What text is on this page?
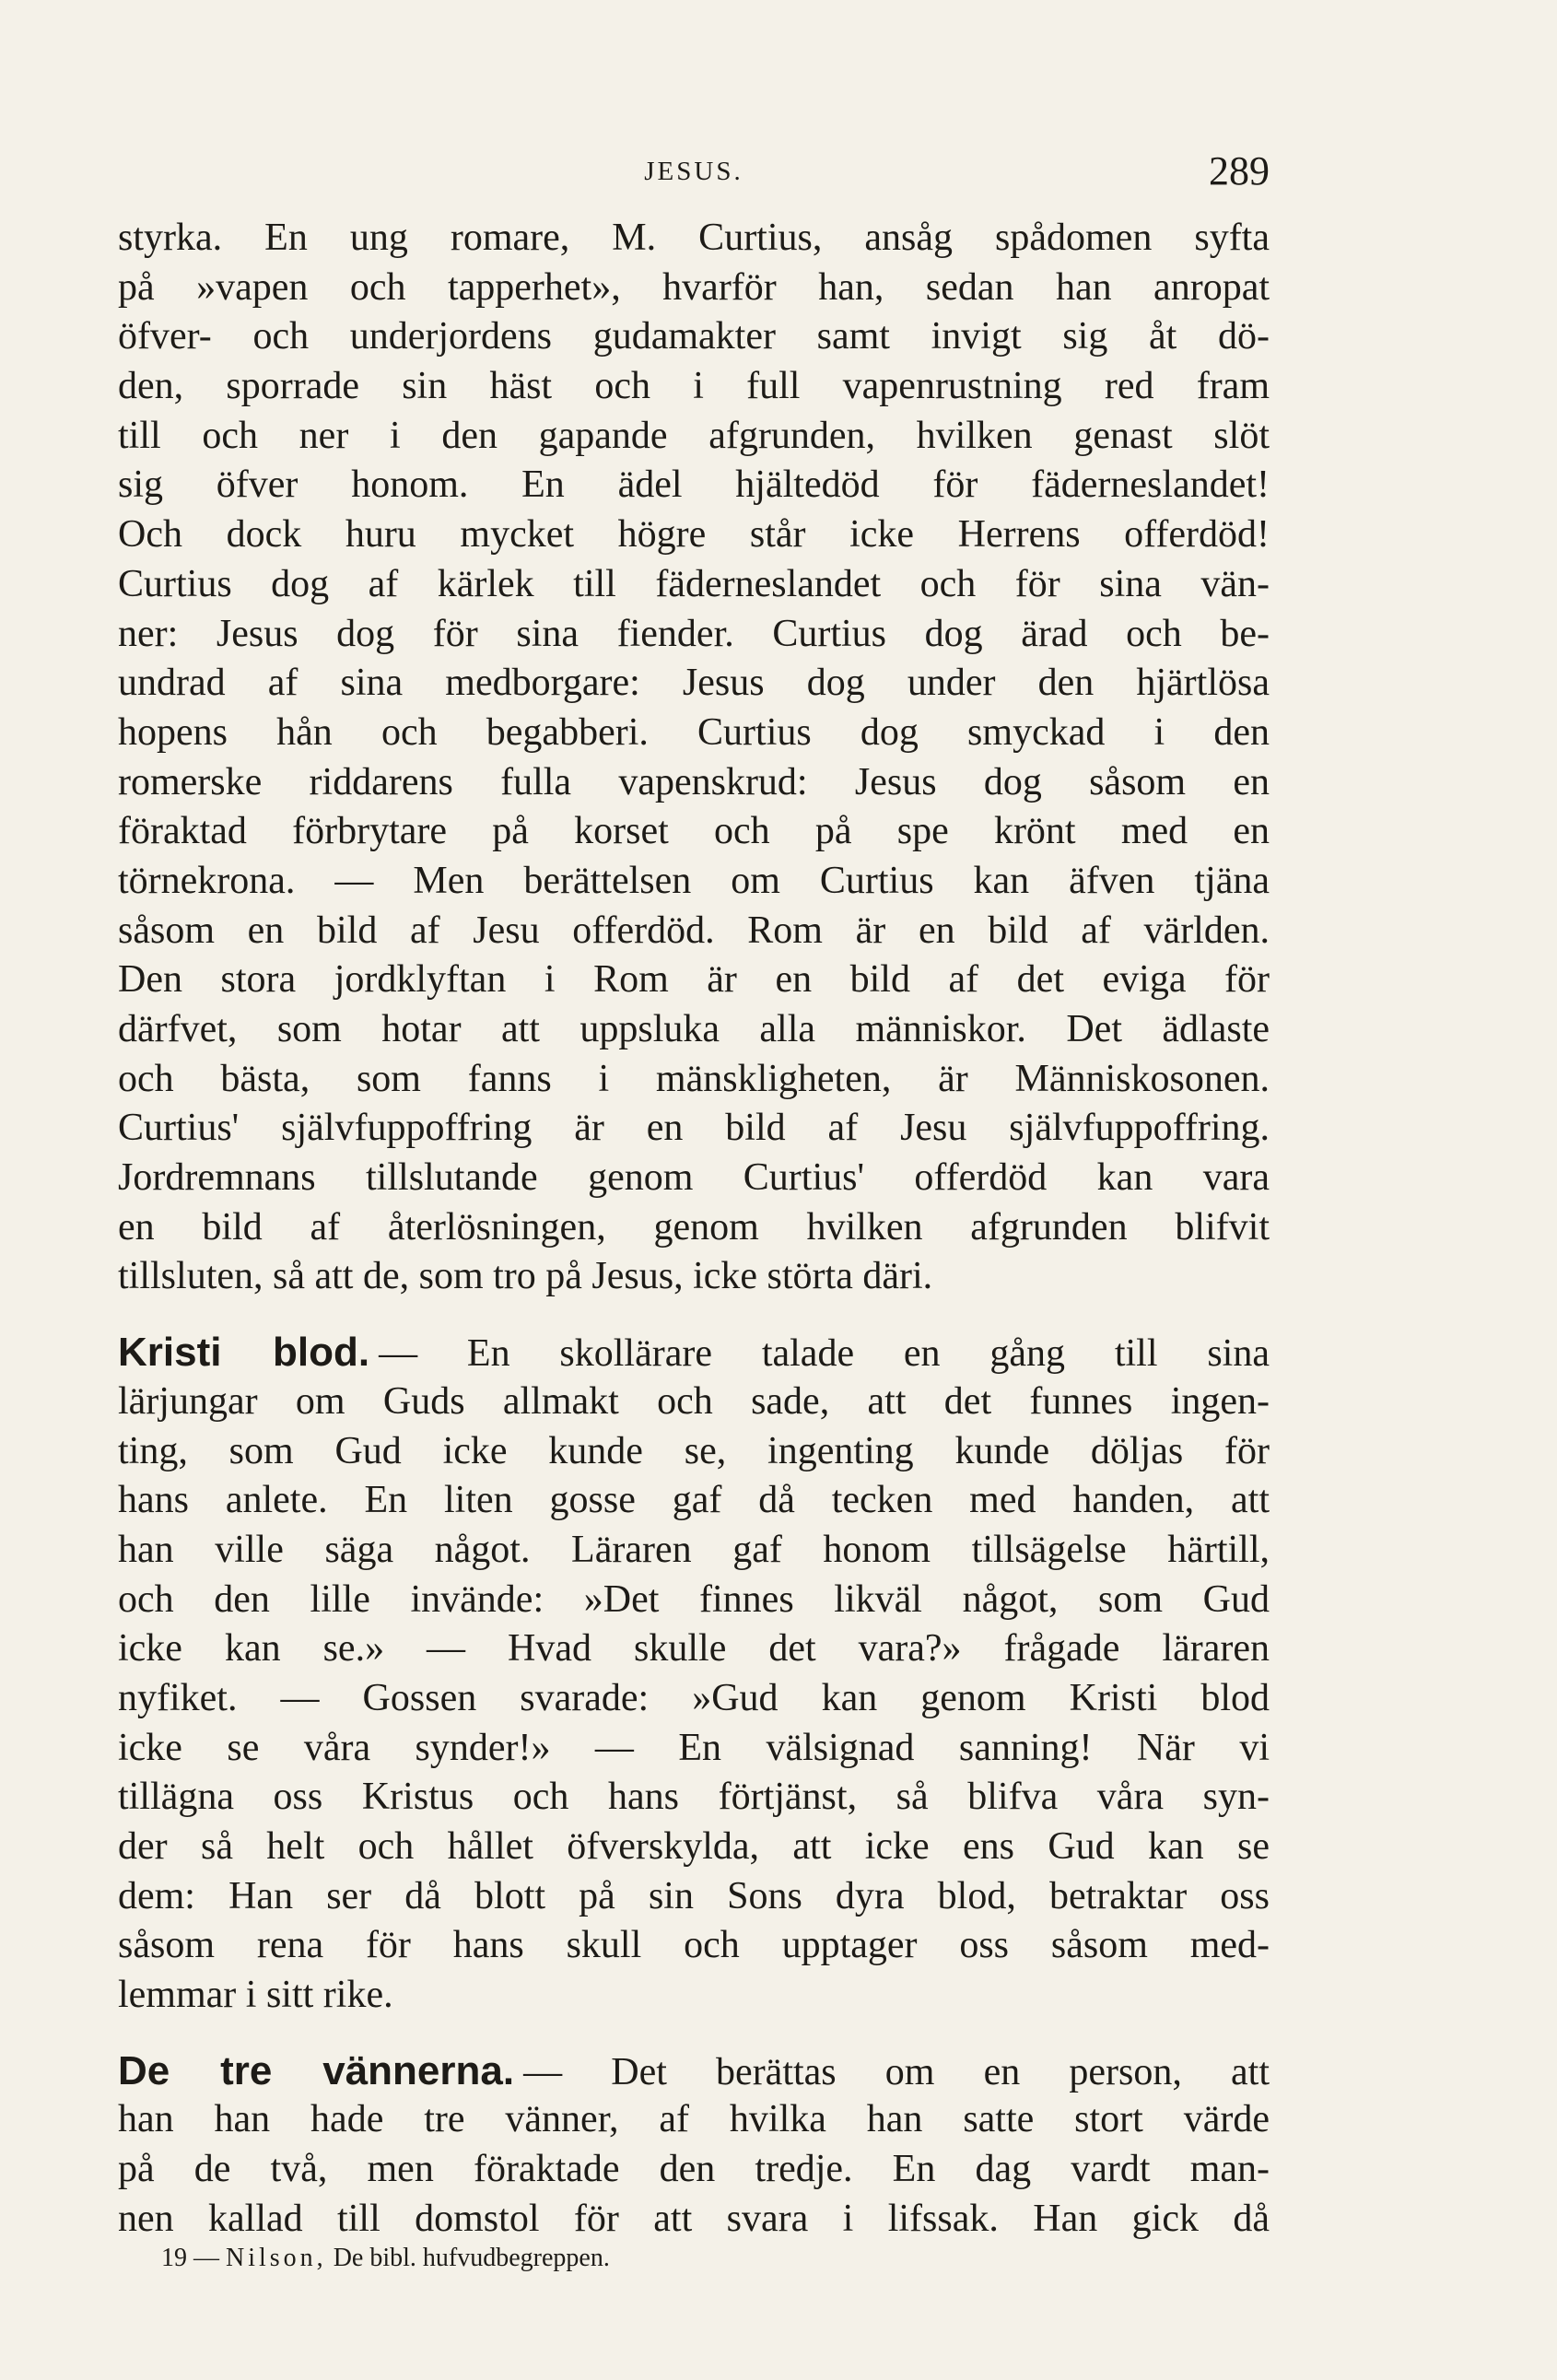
JESUS.	289
styrka. En ung romare, M. Curtius, ansåg spådomen syfta
på »vapen och tapperhet», hvarför han, sedan han anropat
öfver- och underjordens gudamakter samt invigt sig åt dö-
den, sporrade sin häst och i full vapenrustning red fram
till och ner i den gapande afgrunden, hvilken genast slöt
sig öfver honom. En ädel hjältedöd för fäderneslandet!
Och dock huru mycket högre står icke Herrens offerdöd!
Curtius dog af kärlek till fäderneslandet och för sina vän-
ner: Jesus dog för sina fiender. Curtius dog ärad och be-
undrad af sina medborgare: Jesus dog under den hjärtlösa
hopens hån och begabberi. Curtius dog smyckad i den
romerske riddarens fulla vapenskrud: Jesus dog såsom en
föraktad förbrytare på korset och på spe krönt med en
törnekrona. — Men berättelsen om Curtius kan äfven tjäna
såsom en bild af Jesu offerdöd. Rom är en bild af världen.
Den stora jordklyftan i Rom är en bild af det eviga för
därfvet, som hotar att uppsluka alla människor. Det ädlaste
och bästa, som fanns i mänskligheten, är Människosonen.
Curtius' självfuppoffring är en bild af Jesu självfuppoffring.
Jordremnans tillslutande genom Curtius' offerdöd kan vara
en bild af återlösningen, genom hvilken afgrunden blifvit
tillsluten, så att de, som tro på Jesus, icke störta däri.
Kristi blod. — En skollärare talade en gång till sina
lärjungar om Guds allmakt och sade, att det funnes ingen-
ting, som Gud icke kunde se, ingenting kunde döljas för
hans anlete. En liten gosse gaf då tecken med handen, att
han ville säga något. Läraren gaf honom tillsägelse härtill,
och den lille invände: »Det finnes likväl något, som Gud
icke kan se.» — Hvad skulle det vara?» frågade läraren
nyfiket. — Gossen svarade: »Gud kan genom Kristi blod
icke se våra synder!» — En välsignad sanning! När vi
tillägna oss Kristus och hans förtjänst, så blifva våra syn-
der så helt och hållet öfverskylda, att icke ens Gud kan se
dem: Han ser då blott på sin Sons dyra blod, betraktar oss
såsom rena för hans skull och upptager oss såsom med-
lemmar i sitt rike.
De tre vännerna. — Det berättas om en person, att
han han hade tre vänner, af hvilka han satte stort värde
på de två, men föraktade den tredje. En dag vardt man-
nen kallad till domstol för att svara i lifssak. Han gick då
19 — Nilson, De bibl. hufvudbegreppen.
